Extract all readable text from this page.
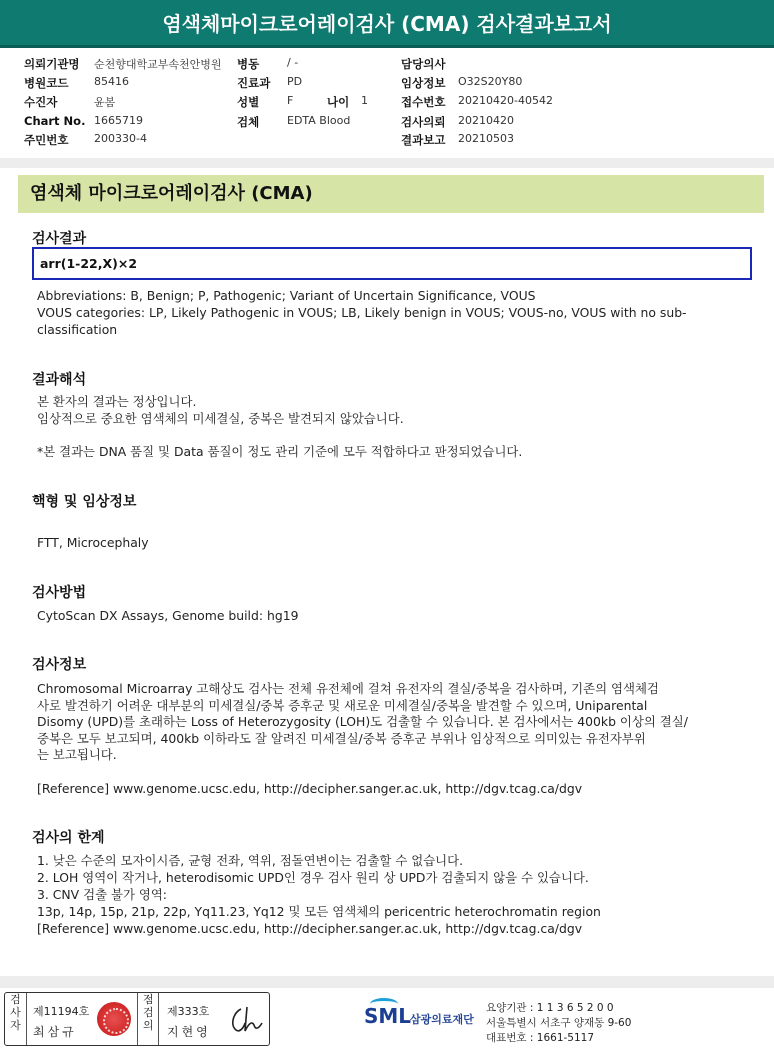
염색체마이크로어레이검사 (CMA) 검사결과보고서
의뢰기관명 순천향대학교부속천안병원 병동	/ -	담당의사
병원코드 85416	진료과 PD	임상정보 O32S20Y80
수진자	윤봄	성별	F	나이 1	접수번호 20210420-40542
Chart No. 1665719	검체	EDTA Blood	검사의뢰 20210420
주민번호 200330-4	결과보고 20210503
염색체 마이크로어레이검사 (CMA)
검사결과
arr(1-22,X)×2
Abbreviations: B, Benign; P, Pathogenic; Variant of Uncertain Significance, VOUS
VOUS categories: LP, Likely Pathogenic in VOUS; LB, Likely benign in VOUS; VOUS-no, VOUS with no sub-
classification
결과해석
본 환자의 결과는 정상입니다.
임상적으로 중요한 염색체의 미세결실, 중복은 발견되지 않았습니다.
*본 결과는 DNA 품질 및 Data 품질이 정도 관리 기준에 모두 적합하다고 판정되었습니다.
핵형 및 임상정보
FTT, Microcephaly
검사방법
CytoScan DX Assays, Genome build: hg19
검사정보
Chromosomal Microarray 고해상도 검사는 전체 유전체에 걸쳐 유전자의 결실/중복을 검사하며, 기존의 염색체검
사로 발견하기 어려운 대부분의 미세결실/중복 증후군 및 새로운 미세결실/중복을 발견할 수 있으며, Uniparental
Disomy (UPD)를 초래하는 Loss of Heterozygosity (LOH)도 검출할 수 있습니다. 본 검사에서는 400kb 이상의 결실/
중복은 모두 보고되며, 400kb 이하라도 잘 알려진 미세결실/중복 증후군 부위나 임상적으로 의미있는 유전자부위
는 보고됩니다.
[Reference] www.genome.ucsc.edu, http://decipher.sanger.ac.uk, http://dgv.tcag.ca/dgv
검사의 한계
1. 낮은 수준의 모자이시즘, 균형 전좌, 역위, 점돌연변이는 검출할 수 없습니다.
2. LOH 영역이 작거나, heterodisomic UPD인 경우 검사 원리 상 UPD가 검출되지 않을 수 있습니다.
3. CNV 검출 불가 영역:
13p, 14p, 15p, 21p, 22p, Yq11.23, Yq12 및 모든 염색체의 pericentric heterochromatin region
[Reference] www.genome.ucsc.edu, http://decipher.sanger.ac.uk, http://dgv.tcag.ca/dgv
검사자
제11194호
최삼규
점검의
제333호
지현영
SML
삼광의료재단
요양기관 : 1 1 3 6 5 2 0 0
서울특별시 서초구 양재동 9-60
대표번호 : 1661-5117
